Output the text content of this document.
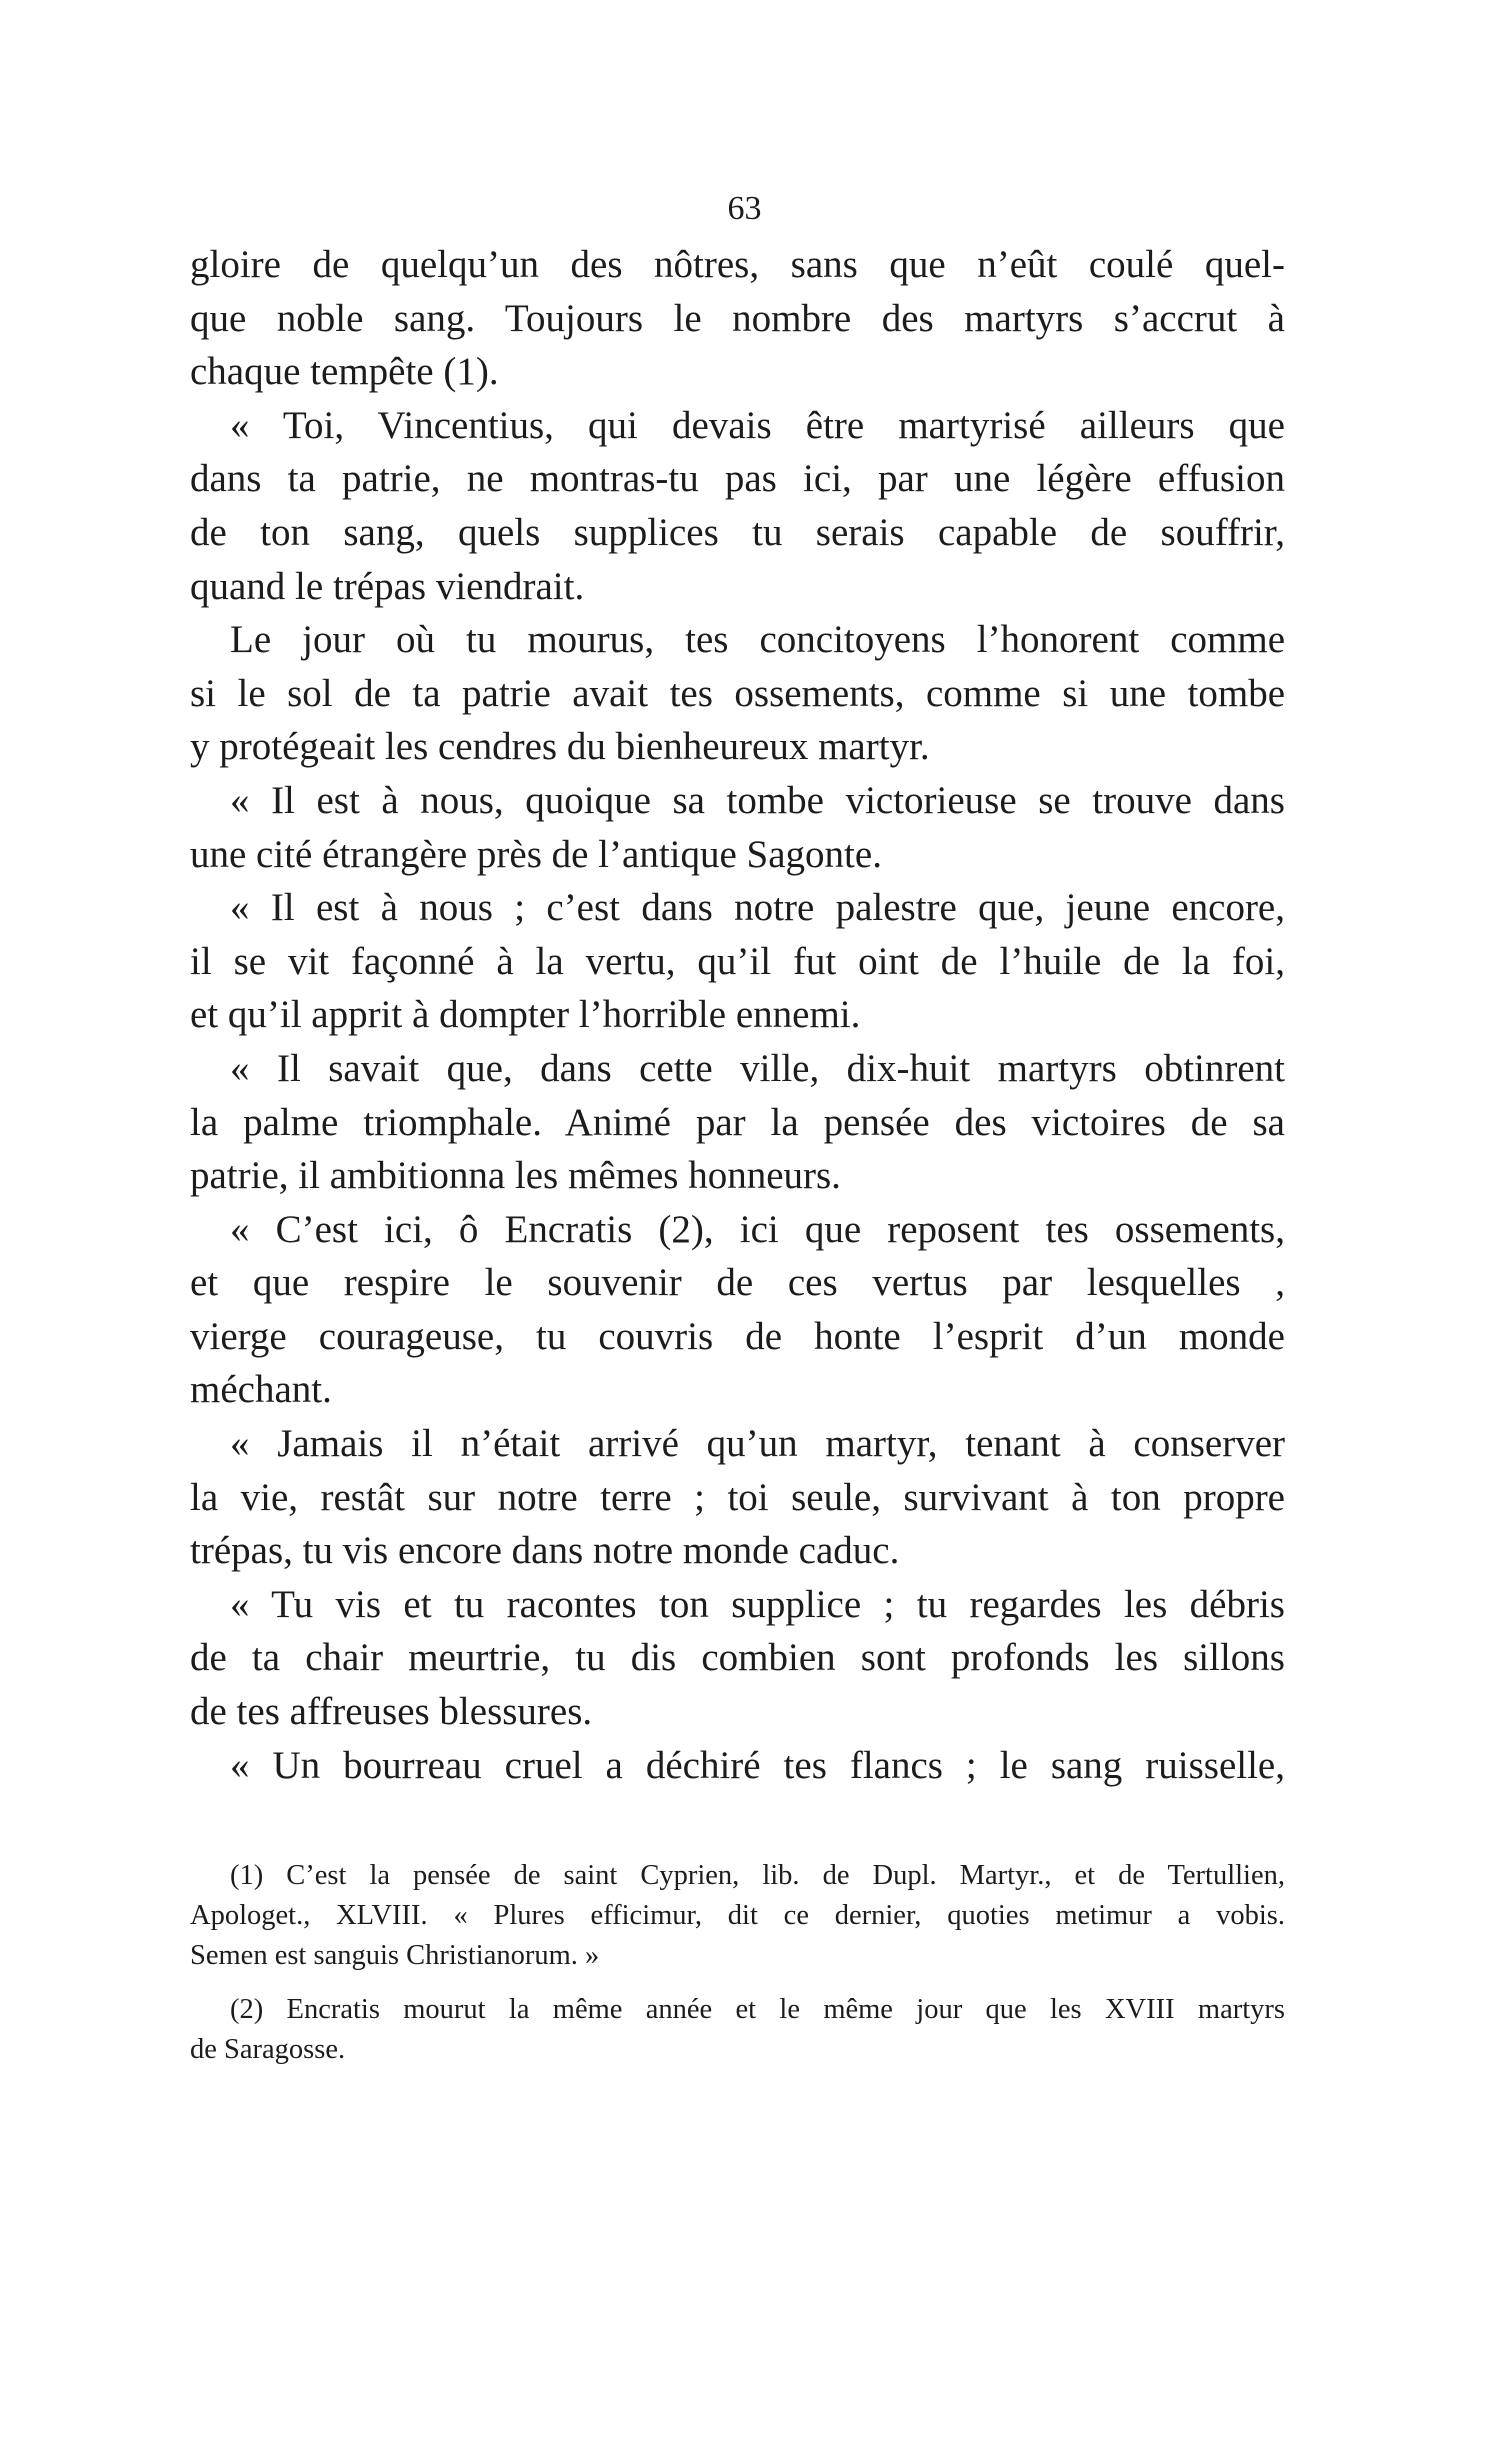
63
gloire de quelqu’un des nôtres, sans que n’eût coulé quel-
que noble sang. Toujours le nombre des martyrs s’accrut à
chaque tempête (1).
« Toi, Vincentius, qui devais être martyrisé ailleurs que
dans ta patrie, ne montras-tu pas ici, par une légère effusion
de ton sang, quels supplices tu serais capable de souffrir,
quand le trépas viendrait.
Le jour où tu mourus, tes concitoyens l’honorent comme
si le sol de ta patrie avait tes ossements, comme si une tombe
y protégeait les cendres du bienheureux martyr.
« Il est à nous, quoique sa tombe victorieuse se trouve dans
une cité étrangère près de l’antique Sagonte.
« Il est à nous ; c’est dans notre palestre que, jeune encore,
il se vit façonné à la vertu, qu’il fut oint de l’huile de la foi,
et qu’il apprit à dompter l’horrible ennemi.
« Il savait que, dans cette ville, dix-huit martyrs obtinrent
la palme triomphale. Animé par la pensée des victoires de sa
patrie, il ambitionna les mêmes honneurs.
« C’est ici, ô Encratis (2), ici que reposent tes ossements,
et que respire le souvenir de ces vertus par lesquelles ,
vierge courageuse, tu couvris de honte l’esprit d’un monde
méchant.
« Jamais il n’était arrivé qu’un martyr, tenant à conserver
la vie, restât sur notre terre ; toi seule, survivant à ton propre
trépas, tu vis encore dans notre monde caduc.
« Tu vis et tu racontes ton supplice ; tu regardes les débris
de ta chair meurtrie, tu dis combien sont profonds les sillons
de tes affreuses blessures.
« Un bourreau cruel a déchiré tes flancs ; le sang ruisselle,
(1) C’est la pensée de saint Cyprien, lib. de Dupl. Martyr., et de Tertullien,
Apologet., XLVIII. « Plures efficimur, dit ce dernier, quoties metimur a vobis.
Semen est sanguis Christianorum. »
(2) Encratis mourut la même année et le même jour que les XVIII martyrs
de Saragosse.
